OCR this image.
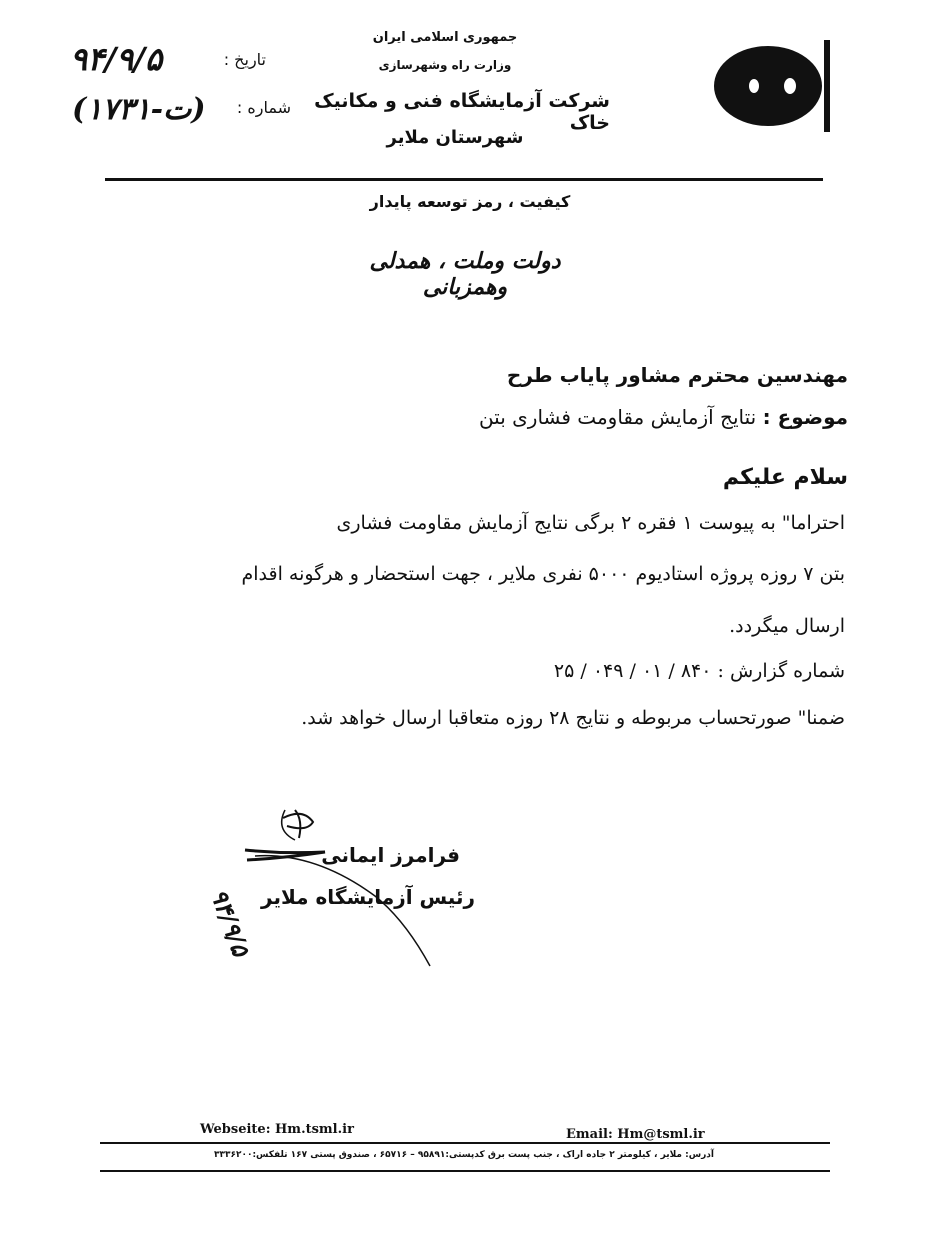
جمهوری اسلامی ایران
وزارت راه وشهرسازی
شرکت آزمایشگاه فنی و مکانیک خاک
شهرستان ملایر
تاریخ :
۹۴/۹/۵
شماره :
(۱۷۳۱-ت)
کیفیت ، رمز توسعه پایدار
دولت وملت ، همدلی وهمزبانی
مهندسین محترم مشاور پایاب طرح
موضوع : نتایج آزمایش مقاومت فشاری بتن
سلام علیکم
احتراما" به پیوست ۱ فقره ۲ برگی نتایج آزمایش مقاومت فشاری
بتن ۷ روزه پروژه استادیوم ۵۰۰۰ نفری ملایر ، جهت استحضار و هرگونه اقدام
ارسال میگردد.
شماره گزارش : ۸۴۰ / ۰۱ / ۰۴۹ / ۲۵
ضمنا" صورتحساب مربوطه و نتایج ۲۸ روزه متعاقبا ارسال خواهد شد.
فرامرز ایمانی
رئیس آزمایشگاه ملایر
۹۴/۹/۵
Webseite: Hm.tsml.ir	Email: Hm@tsml.ir
آدرس: ملایر ، کیلومتر ۲ جاده اراک ، جنب پست برق کدپستی:۹۵۸۹۱ – ۶۵۷۱۶ ، صندوق پستی ۱۶۷ تلفکس:۳۳۳۶۲۰۰
